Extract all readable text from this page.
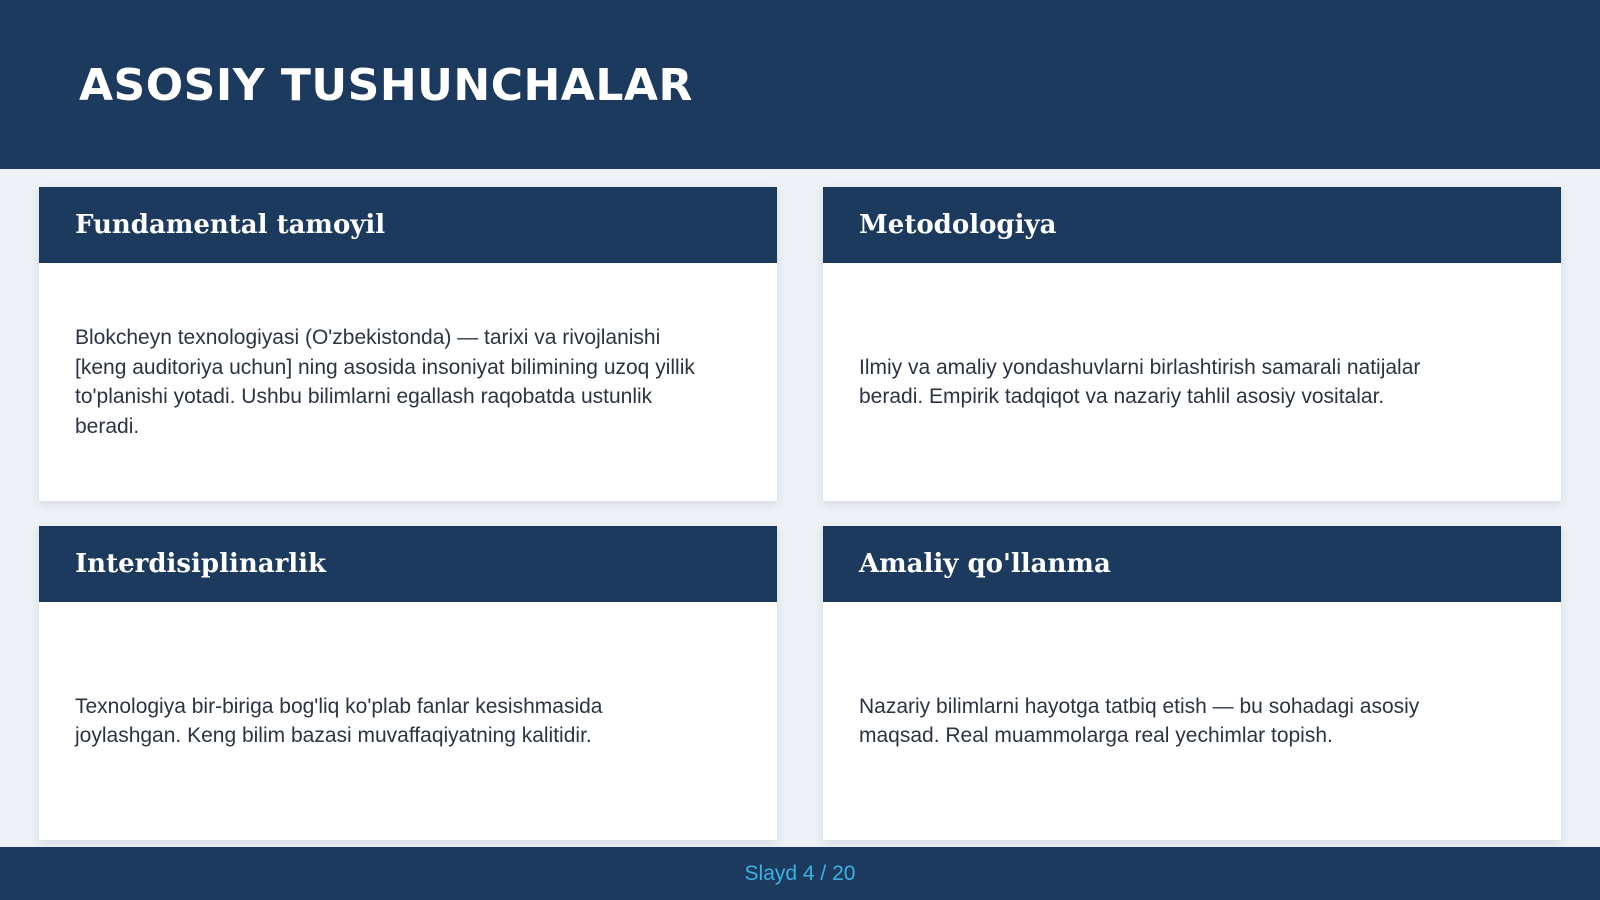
ASOSIY TUSHUNCHALAR
Fundamental tamoyil

Blokcheyn texnologiyasi (O'zbekistonda) — tarixi va rivojlanishi [keng auditoriya uchun] ning asosida insoniyat bilimining uzoq yillik to'planishi yotadi. Ushbu bilimlarni egallash raqobatda ustunlik beradi.

Metodologiya

Ilmiy va amaliy yondashuvlarni birlashtirish samarali natijalar beradi. Empirik tadqiqot va nazariy tahlil asosiy vositalar.

Interdisiplinarlik

Texnologiya bir-biriga bog'liq ko'plab fanlar kesishmasida joylashgan. Keng bilim bazasi muvaffaqiyatning kalitidir.

Amaliy qo'llanma

Nazariy bilimlarni hayotga tatbiq etish — bu sohadagi asosiy maqsad. Real muammolarga real yechimlar topish.

Slayd 4 / 20
